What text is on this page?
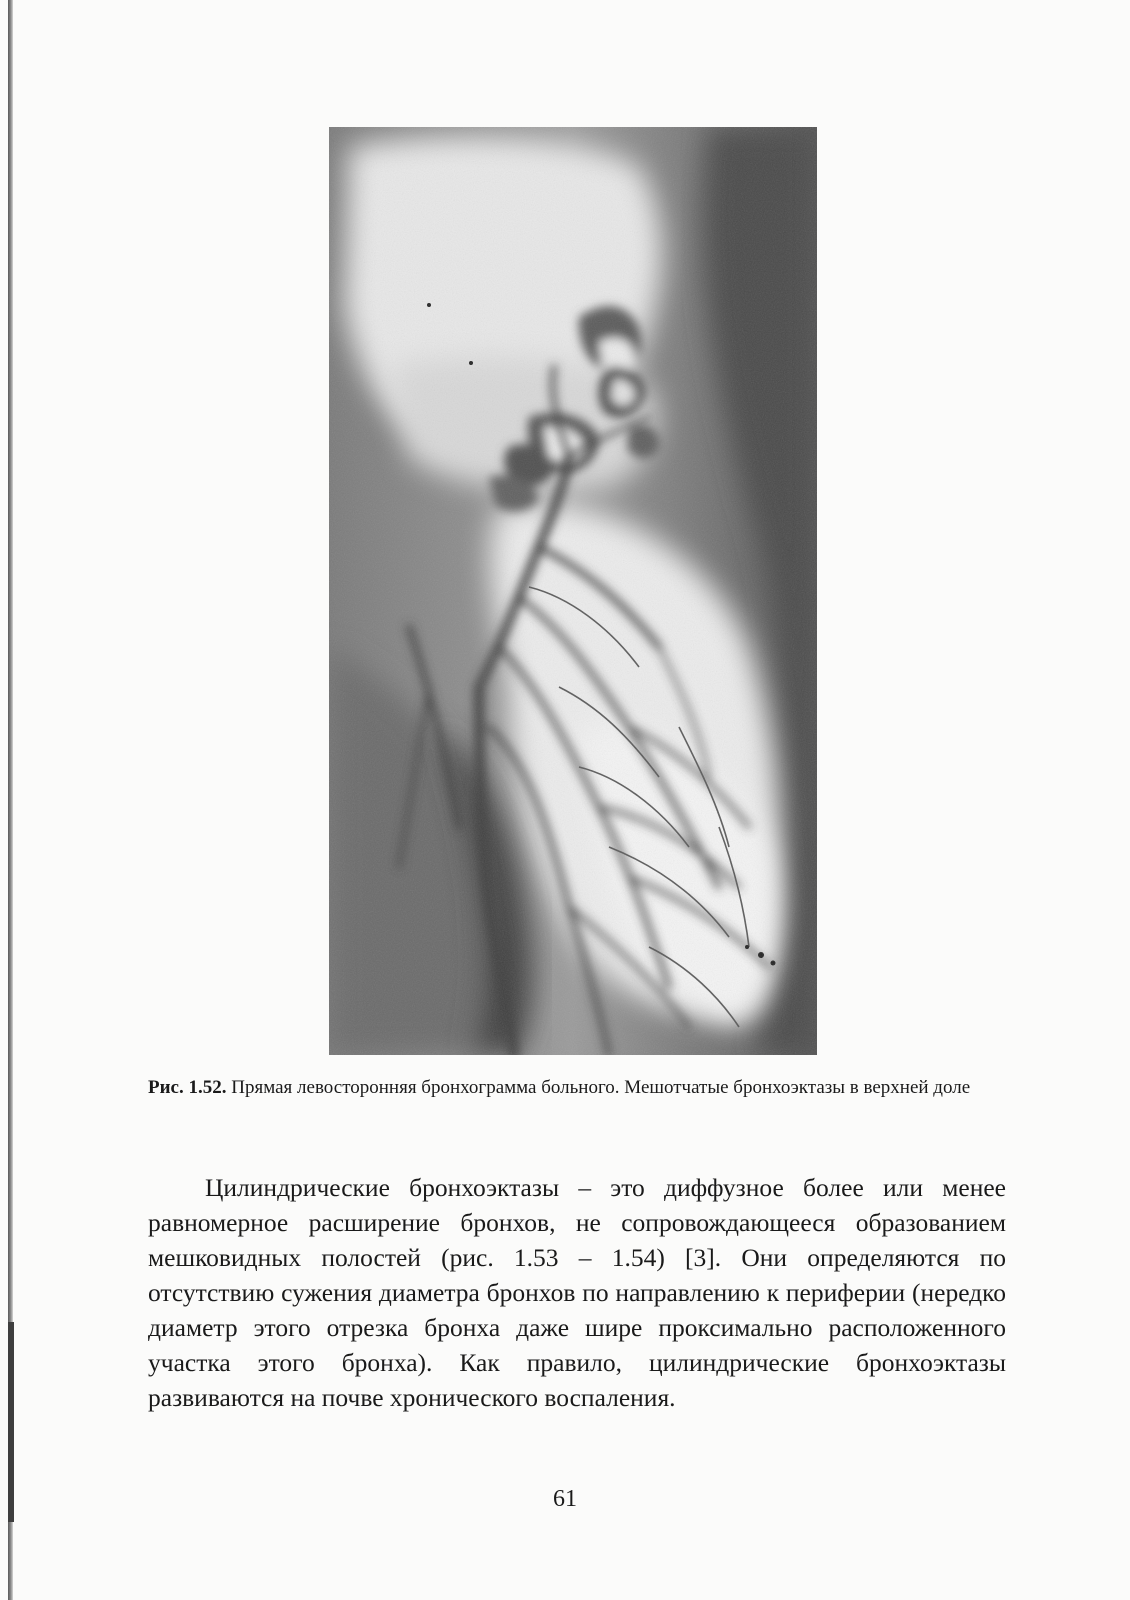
Рис. 1.52. Прямая левосторонняя бронхограмма больного. Мешотчатые бронхоэктазы в верхней доле

Цилиндрические бронхоэктазы – это диффузное более или менее равномерное расширение бронхов, не сопровождающееся образованием мешковидных полостей (рис. 1.53 – 1.54) [3]. Они определяются по отсутствию сужения диаметра бронхов по направлению к периферии (нередко диаметр этого отрезка бронха даже шире проксимально расположенного участка этого бронха). Как правило, цилиндрические бронхоэктазы развиваются на почве хронического воспаления.

61
